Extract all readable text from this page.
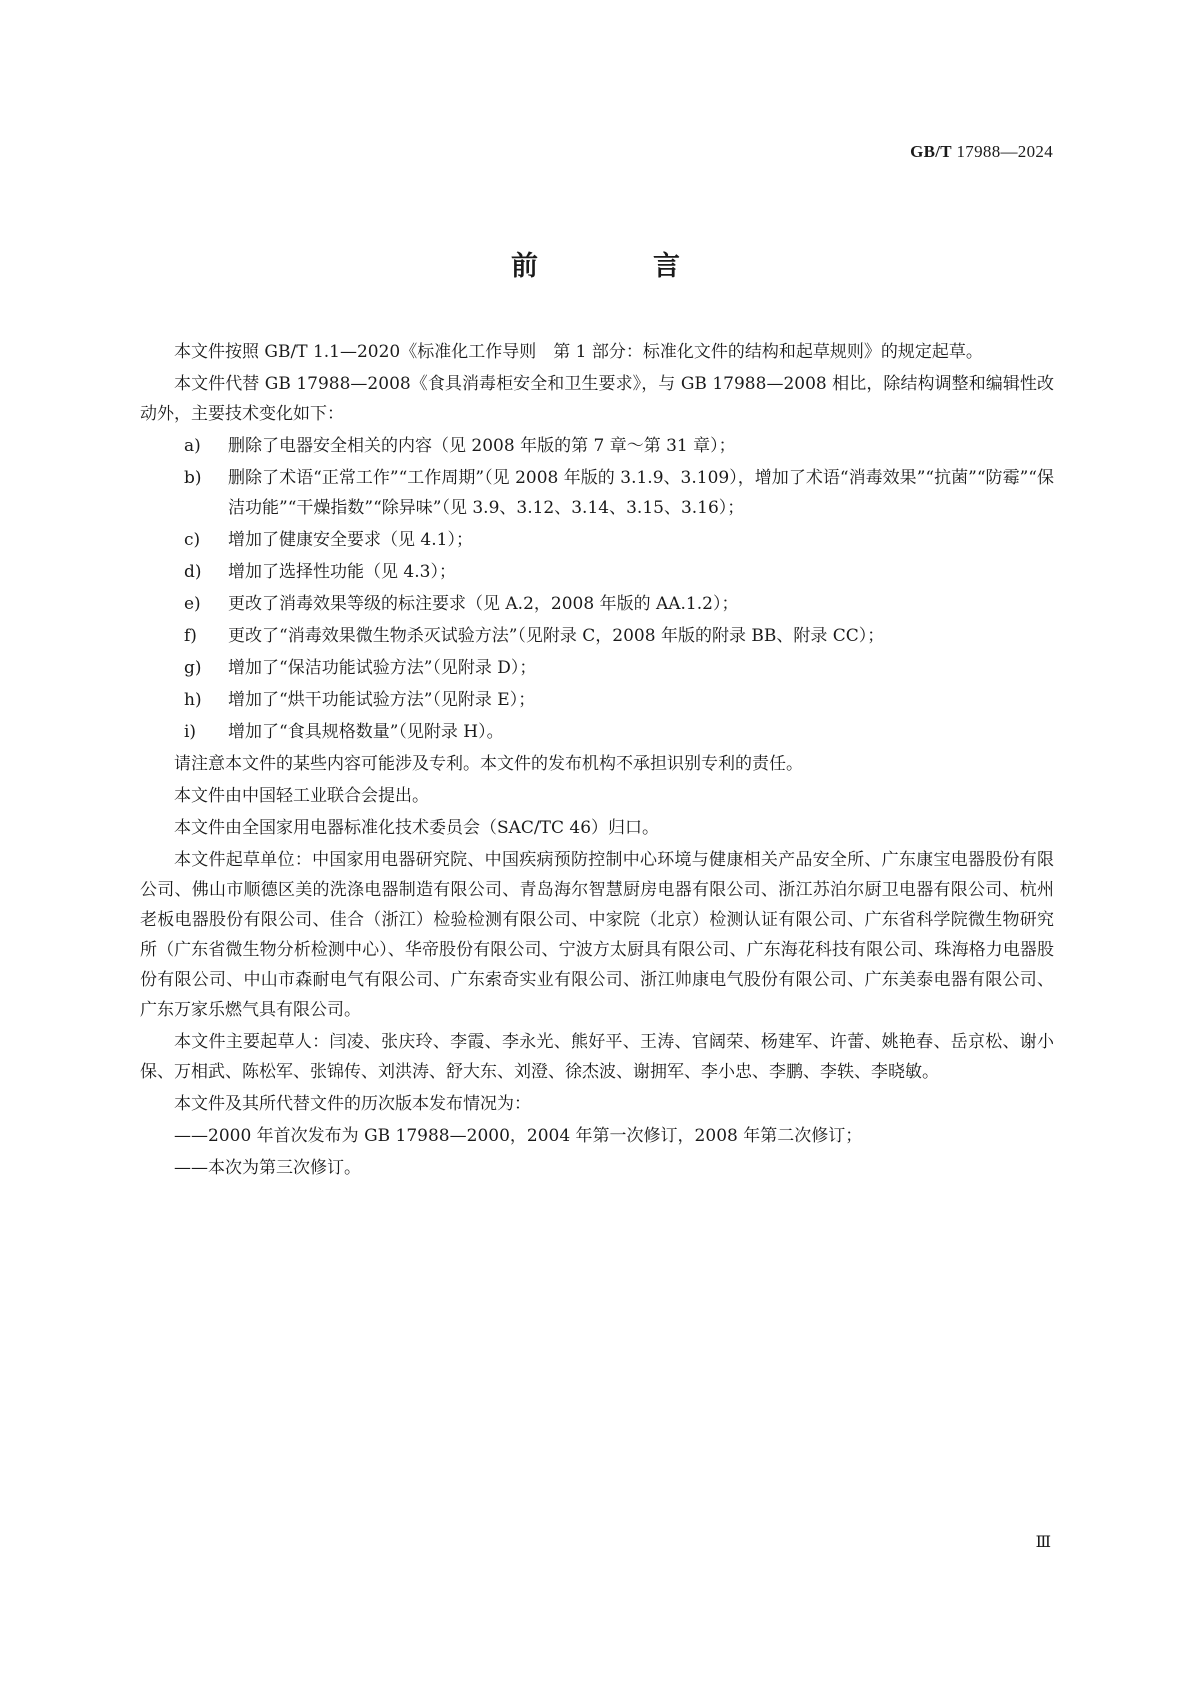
GB/T 17988—2024
前　言

本文件按照 GB/T 1.1—2020《标准化工作导则　第 1 部分：标准化文件的结构和起草规则》的规定起草。

本文件代替 GB 17988—2008《食具消毒柜安全和卫生要求》，与 GB 17988—2008 相比，除结构调整和编辑性改动外，主要技术变化如下：

a)	删除了电器安全相关的内容（见 2008 年版的第 7 章～第 31 章）；
b)	删除了术语“正常工作”“工作周期”（见 2008 年版的 3.1.9、3.109），增加了术语“消毒效果”“抗菌”“防霉”“保洁功能”“干燥指数”“除异味”（见 3.9、3.12、3.14、3.15、3.16）；
c)	增加了健康安全要求（见 4.1）；
d)	增加了选择性功能（见 4.3）；
e)	更改了消毒效果等级的标注要求（见 A.2，2008 年版的 AA.1.2）；
f)	更改了“消毒效果微生物杀灭试验方法”（见附录 C，2008 年版的附录 BB、附录 CC）；
g)	增加了“保洁功能试验方法”（见附录 D）；
h)	增加了“烘干功能试验方法”（见附录 E）；
i)	增加了“食具规格数量”（见附录 H）。

请注意本文件的某些内容可能涉及专利。本文件的发布机构不承担识别专利的责任。

本文件由中国轻工业联合会提出。

本文件由全国家用电器标准化技术委员会（SAC/TC 46）归口。

本文件起草单位：中国家用电器研究院、中国疾病预防控制中心环境与健康相关产品安全所、广东康宝电器股份有限公司、佛山市顺德区美的洗涤电器制造有限公司、青岛海尔智慧厨房电器有限公司、浙江苏泊尔厨卫电器有限公司、杭州老板电器股份有限公司、佳合（浙江）检验检测有限公司、中家院（北京）检测认证有限公司、广东省科学院微生物研究所（广东省微生物分析检测中心）、华帝股份有限公司、宁波方太厨具有限公司、广东海花科技有限公司、珠海格力电器股份有限公司、中山市森耐电气有限公司、广东索奇实业有限公司、浙江帅康电气股份有限公司、广东美泰电器有限公司、广东万家乐燃气具有限公司。

本文件主要起草人：闫凌、张庆玲、李霞、李永光、熊好平、王涛、官阔荣、杨建军、许蕾、姚艳春、岳京松、谢小保、万相武、陈松军、张锦传、刘洪涛、舒大东、刘澄、徐杰波、谢拥军、李小忠、李鹏、李轶、李晓敏。

本文件及其所代替文件的历次版本发布情况为：

——2000 年首次发布为 GB 17988—2000，2004 年第一次修订，2008 年第二次修订；

——本次为第三次修订。

Ⅲ
